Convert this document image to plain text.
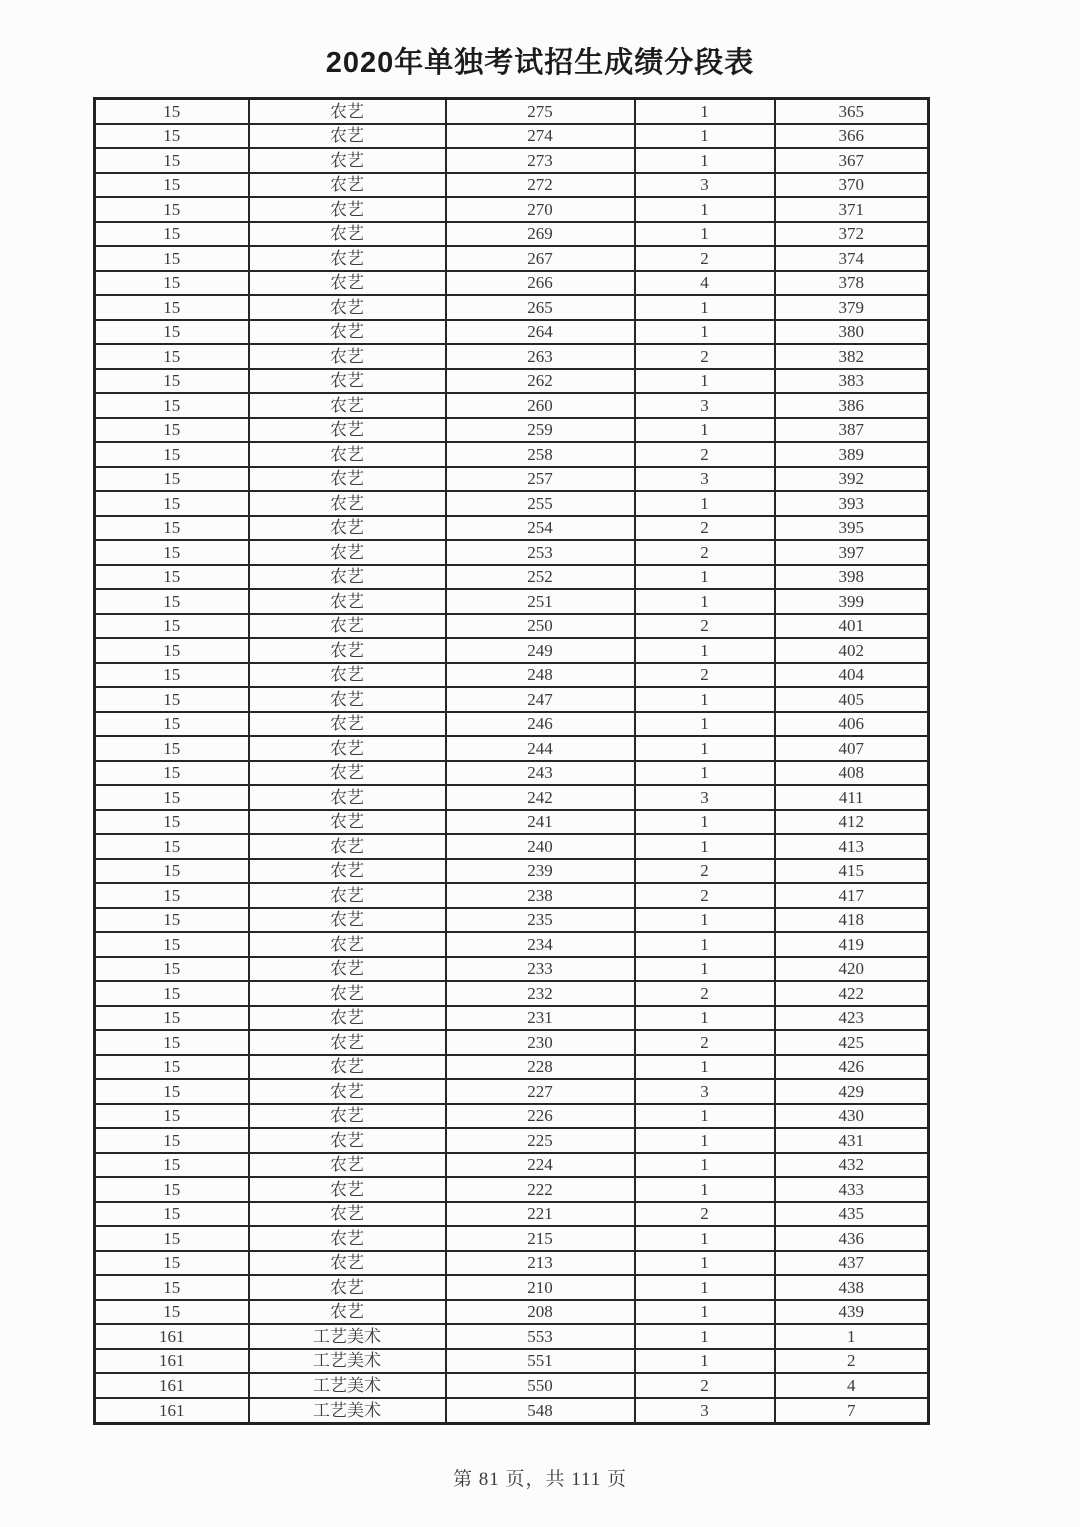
2020年单独考试招生成绩分段表
15	农艺	275	1	365
15	农艺	274	1	366
15	农艺	273	1	367
15	农艺	272	3	370
15	农艺	270	1	371
15	农艺	269	1	372
15	农艺	267	2	374
15	农艺	266	4	378
15	农艺	265	1	379
15	农艺	264	1	380
15	农艺	263	2	382
15	农艺	262	1	383
15	农艺	260	3	386
15	农艺	259	1	387
15	农艺	258	2	389
15	农艺	257	3	392
15	农艺	255	1	393
15	农艺	254	2	395
15	农艺	253	2	397
15	农艺	252	1	398
15	农艺	251	1	399
15	农艺	250	2	401
15	农艺	249	1	402
15	农艺	248	2	404
15	农艺	247	1	405
15	农艺	246	1	406
15	农艺	244	1	407
15	农艺	243	1	408
15	农艺	242	3	411
15	农艺	241	1	412
15	农艺	240	1	413
15	农艺	239	2	415
15	农艺	238	2	417
15	农艺	235	1	418
15	农艺	234	1	419
15	农艺	233	1	420
15	农艺	232	2	422
15	农艺	231	1	423
15	农艺	230	2	425
15	农艺	228	1	426
15	农艺	227	3	429
15	农艺	226	1	430
15	农艺	225	1	431
15	农艺	224	1	432
15	农艺	222	1	433
15	农艺	221	2	435
15	农艺	215	1	436
15	农艺	213	1	437
15	农艺	210	1	438
15	农艺	208	1	439
161	工艺美术	553	1	1
161	工艺美术	551	1	2
161	工艺美术	550	2	4
161	工艺美术	548	3	7
第 81 页，共 111 页
